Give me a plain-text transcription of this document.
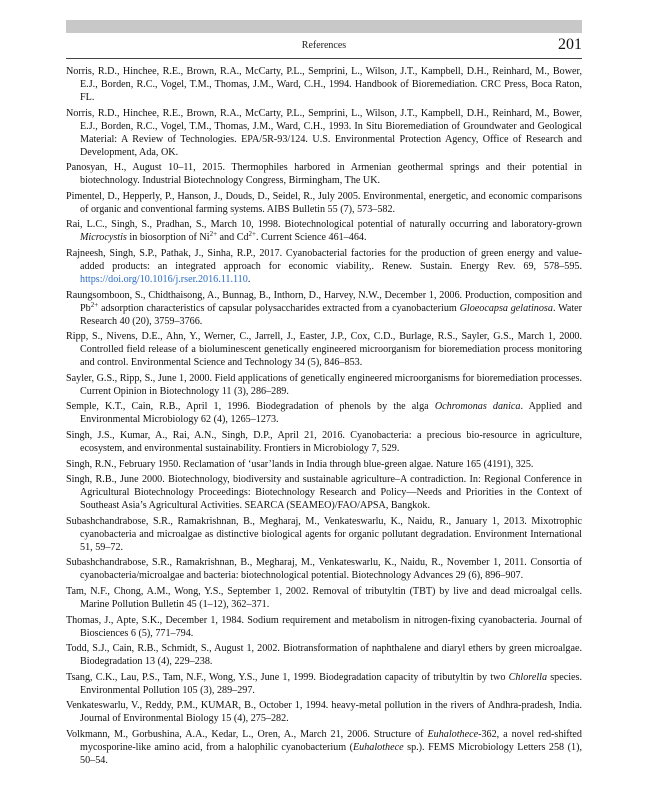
References	201
Norris, R.D., Hinchee, R.E., Brown, R.A., McCarty, P.L., Semprini, L., Wilson, J.T., Kampbell, D.H., Reinhard, M., Bower, E.J., Borden, R.C., Vogel, T.M., Thomas, J.M., Ward, C.H., 1994. Handbook of Bioremediation. CRC Press, Boca Raton, FL.
Norris, R.D., Hinchee, R.E., Brown, R.A., McCarty, P.L., Semprini, L., Wilson, J.T., Kampbell, D.H., Reinhard, M., Bower, E.J., Borden, R.C., Vogel, T.M., Thomas, J.M., Ward, C.H., 1993. In Situ Bioremediation of Groundwater and Geological Material: A Review of Technologies. EPA/5R-93/124. U.S. Environmental Protection Agency, Office of Research and Development, Ada, OK.
Panosyan, H., August 10–11, 2015. Thermophiles harbored in Armenian geothermal springs and their potential in biotechnology. Industrial Biotechnology Congress, Birmingham, The UK.
Pimentel, D., Hepperly, P., Hanson, J., Douds, D., Seidel, R., July 2005. Environmental, energetic, and economic comparisons of organic and conventional farming systems. AIBS Bulletin 55 (7), 573–582.
Rai, L.C., Singh, S., Pradhan, S., March 10, 1998. Biotechnological potential of naturally occurring and laboratory-grown Microcystis in biosorption of $Ni^{2+}$ and $Cd^{2+}$. Current Science 461–464.
Rajneesh, Singh, S.P., Pathak, J., Sinha, R.P., 2017. Cyanobacterial factories for the production of green energy and value-added products: an integrated approach for economic viability,. Renew. Sustain. Energy Rev. 69, 578–595. https://doi.org/10.1016/j.rser.2016.11.110.
Raungsomboon, S., Chidthaisong, A., Bunnag, B., Inthorn, D., Harvey, N.W., December 1, 2006. Production, composition and $Pb^{2+}$ adsorption characteristics of capsular polysaccharides extracted from a cyanobacterium Gloeocapsa gelatinosa. Water Research 40 (20), 3759–3766.
Ripp, S., Nivens, D.E., Ahn, Y., Werner, C., Jarrell, J., Easter, J.P., Cox, C.D., Burlage, R.S., Sayler, G.S., March 1, 2000. Controlled field release of a bioluminescent genetically engineered microorganism for bioremediation process monitoring and control. Environmental Science and Technology 34 (5), 846–853.
Sayler, G.S., Ripp, S., June 1, 2000. Field applications of genetically engineered microorganisms for bioremediation processes. Current Opinion in Biotechnology 11 (3), 286–289.
Semple, K.T., Cain, R.B., April 1, 1996. Biodegradation of phenols by the alga Ochromonas danica. Applied and Environmental Microbiology 62 (4), 1265–1273.
Singh, J.S., Kumar, A., Rai, A.N., Singh, D.P., April 21, 2016. Cyanobacteria: a precious bio-resource in agriculture, ecosystem, and environmental sustainability. Frontiers in Microbiology 7, 529.
Singh, R.N., February 1950. Reclamation of ‘usar’lands in India through blue-green algae. Nature 165 (4191), 325.
Singh, R.B., June 2000. Biotechnology, biodiversity and sustainable agriculture–A contradiction. In: Regional Conference in Agricultural Biotechnology Proceedings: Biotechnology Research and Policy—Needs and Priorities in the Context of Southeast Asia’s Agricultural Activities. SEARCA (SEAMEO)/FAO/APSA, Bangkok.
Subashchandrabose, S.R., Ramakrishnan, B., Megharaj, M., Venkateswarlu, K., Naidu, R., January 1, 2013. Mixotrophic cyanobacteria and microalgae as distinctive biological agents for organic pollutant degradation. Environment International 51, 59–72.
Subashchandrabose, S.R., Ramakrishnan, B., Megharaj, M., Venkateswarlu, K., Naidu, R., November 1, 2011. Consortia of cyanobacteria/microalgae and bacteria: biotechnological potential. Biotechnology Advances 29 (6), 896–907.
Tam, N.F., Chong, A.M., Wong, Y.S., September 1, 2002. Removal of tributyltin (TBT) by live and dead microalgal cells. Marine Pollution Bulletin 45 (1–12), 362–371.
Thomas, J., Apte, S.K., December 1, 1984. Sodium requirement and metabolism in nitrogen-fixing cyanobacteria. Journal of Biosciences 6 (5), 771–794.
Todd, S.J., Cain, R.B., Schmidt, S., August 1, 2002. Biotransformation of naphthalene and diaryl ethers by green microalgae. Biodegradation 13 (4), 229–238.
Tsang, C.K., Lau, P.S., Tam, N.F., Wong, Y.S., June 1, 1999. Biodegradation capacity of tributyltin by two Chlorella species. Environmental Pollution 105 (3), 289–297.
Venkateswarlu, V., Reddy, P.M., KUMAR, B., October 1, 1994. heavy-metal pollution in the rivers of Andhra-pradesh, India. Journal of Environmental Biology 15 (4), 275–282.
Volkmann, M., Gorbushina, A.A., Kedar, L., Oren, A., March 21, 2006. Structure of Euhalothece-362, a novel red-shifted mycosporine-like amino acid, from a halophilic cyanobacterium (Euhalothece sp.). FEMS Microbiology Letters 258 (1), 50–54.
